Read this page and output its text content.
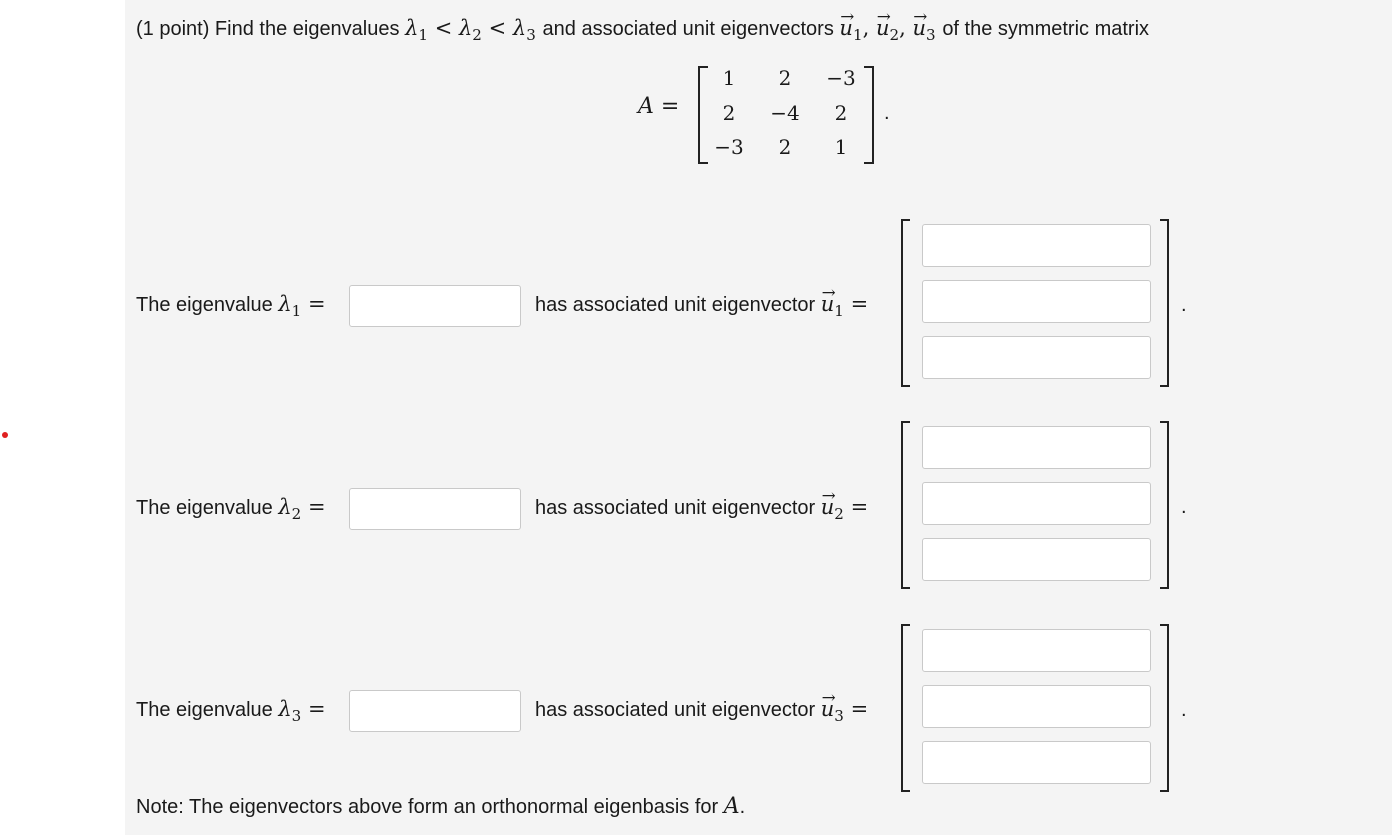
(1 point) Find the eigenvalues $\lambda_1 < \lambda_2 < \lambda_3$ and associated unit eigenvectors → $u_1$, → $u_2$, → $u_3$ of the symmetric matrix
A =
1	2	−3
2	−4	2
−3	2	1
.
The eigenvalue $\lambda_1$ =	has associated unit eigenvector → $u_1$ =	.
The eigenvalue $\lambda_2$ =	has associated unit eigenvector → $u_2$ =	.
The eigenvalue $\lambda_3$ =	has associated unit eigenvector → $u_3$ =	.
Note: The eigenvectors above form an orthonormal eigenbasis for A.
